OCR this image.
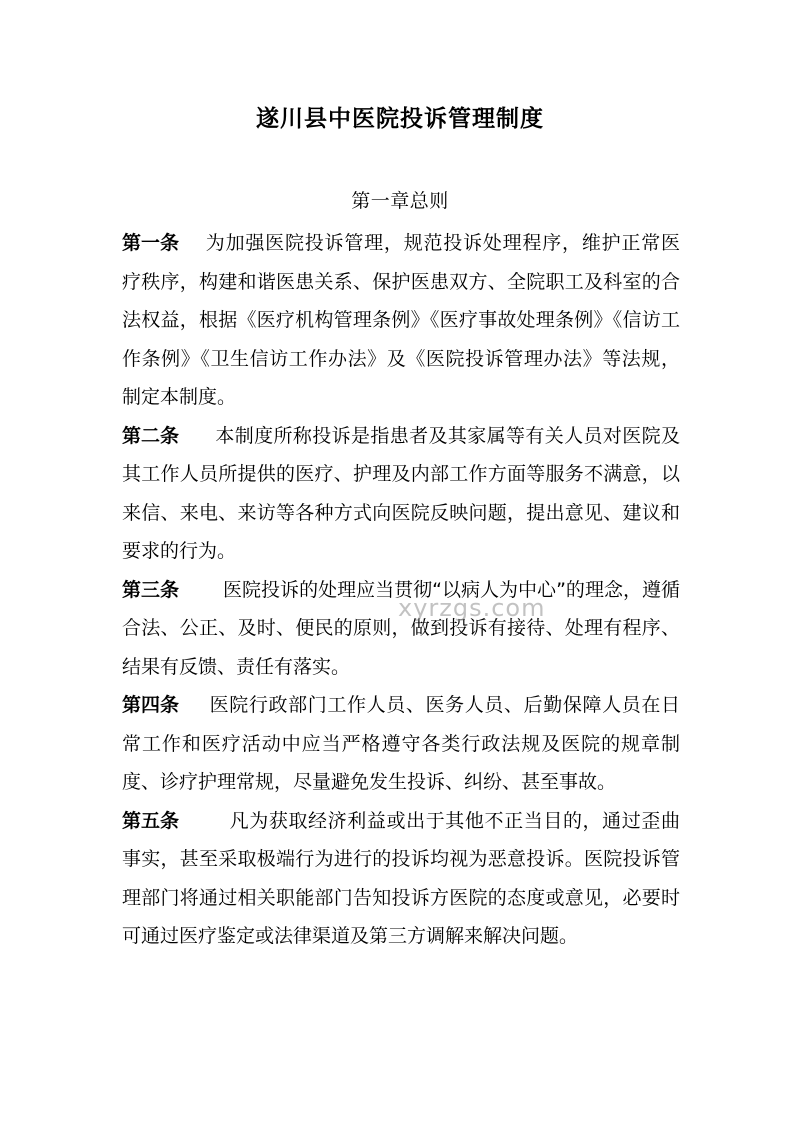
遂川县中医院投诉管理制度
第一章总则

第一条 为加强医院投诉管理，规范投诉处理程序，维护正常医疗秩序，构建和谐医患关系、保护医患双方、全院职工及科室的合法权益，根据《医疗机构管理条例》《医疗事故处理条例》《信访工作条例》《卫生信访工作办法》及《医院投诉管理办法》等法规，制定本制度。

第二条 本制度所称投诉是指患者及其家属等有关人员对医院及其工作人员所提供的医疗、护理及内部工作方面等服务不满意，以来信、来电、来访等各种方式向医院反映问题，提出意见、建议和要求的行为。

第三条 医院投诉的处理应当贯彻“以病人为中心”的理念，遵循合法、公正、及时、便民的原则，做到投诉有接待、处理有程序、结果有反馈、责任有落实。

第四条 医院行政部门工作人员、医务人员、后勤保障人员在日常工作和医疗活动中应当严格遵守各类行政法规及医院的规章制度、诊疗护理常规，尽量避免发生投诉、纠纷、甚至事故。

第五条	凡为获取经济利益或出于其他不正当目的，通过歪曲事实，甚至采取极端行为进行的投诉均视为恶意投诉。医院投诉管理部门将通过相关职能部门告知投诉方医院的态度或意见，必要时可通过医疗鉴定或法律渠道及第三方调解来解决问题。

xyrzgs.com
